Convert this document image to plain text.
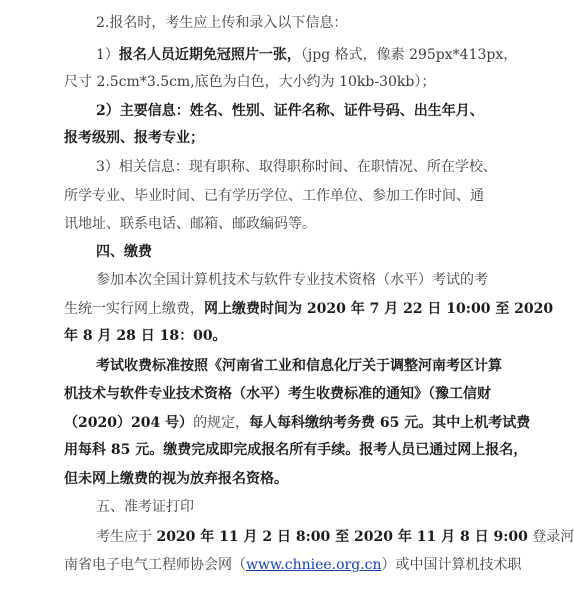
2.报名时，考生应上传和录入以下信息：
1）报名人员近期免冠照片一张，（jpg 格式，像素 295px*413px，
尺寸 2.5cm*3.5cm,底色为白色，大小约为 10kb-30kb）；
2）主要信息：姓名、性别、证件名称、证件号码、出生年月、
报考级别、报考专业；
3）相关信息：现有职称、取得职称时间、在职情况、所在学校、
所学专业、毕业时间、已有学历学位、工作单位、参加工作时间、通
讯地址、联系电话、邮箱、邮政编码等。
四、缴费
参加本次全国计算机技术与软件专业技术资格（水平）考试的考
生统一实行网上缴费，网上缴费时间为 2020 年 7 月 22 日 10:00 至 2020
年 8 月 28 日 18：00。
考试收费标准按照《河南省工业和信息化厅关于调整河南考区计算
机技术与软件专业技术资格（水平）考生收费标准的通知》（豫工信财
（2020）204 号）的规定，每人每科缴纳考务费 65 元。其中上机考试费
用每科 85 元。缴费完成即完成报名所有手续。报考人员已通过网上报名，
但未网上缴费的视为放弃报名资格。
五、准考证打印
考生应于 2020 年 11 月 2 日 8:00 至 2020 年 11 月 8 日 9:00 登录河
南省电子电气工程师协会网（www.chniee.org.cn）或中国计算机技术职
